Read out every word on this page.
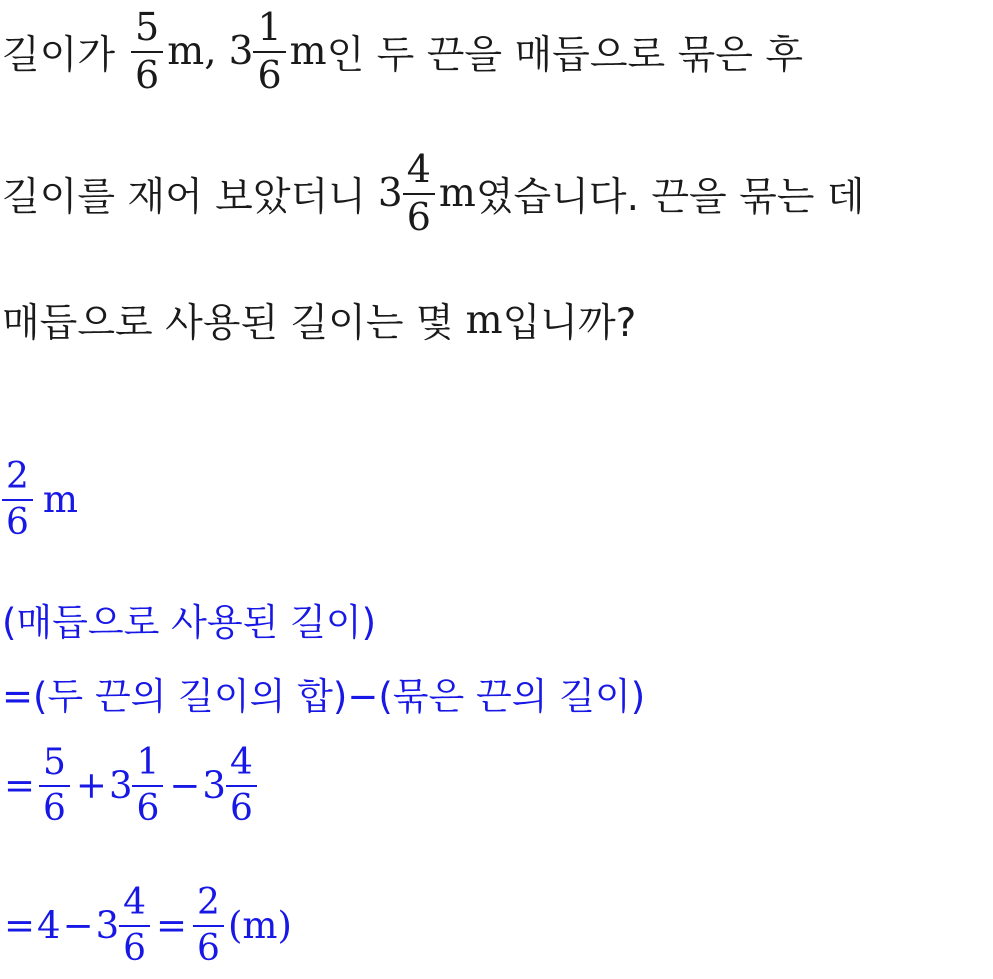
길이가 $\frac{5}{6} m$, $3 \frac{1}{6}$ m 인 두 끈을 매듭으로 묶은 후
길이를 재어 보았더니 $3 \frac{4}{6}$ m 였습니다. 끈을 묶는 데
매듭으로 사용된 길이는 몇 m 입니까?
$\frac{2}{6}$ m
(매듭으로 사용된 길이)
=(두 끈의 길이의 합)−(묶은 끈의 길이)
= $\frac{5}{6} + 3 \frac{1}{6} - 3 \frac{4}{6}$
= $4 - 3 \frac{4}{6} = \frac{2}{6} (m)$
